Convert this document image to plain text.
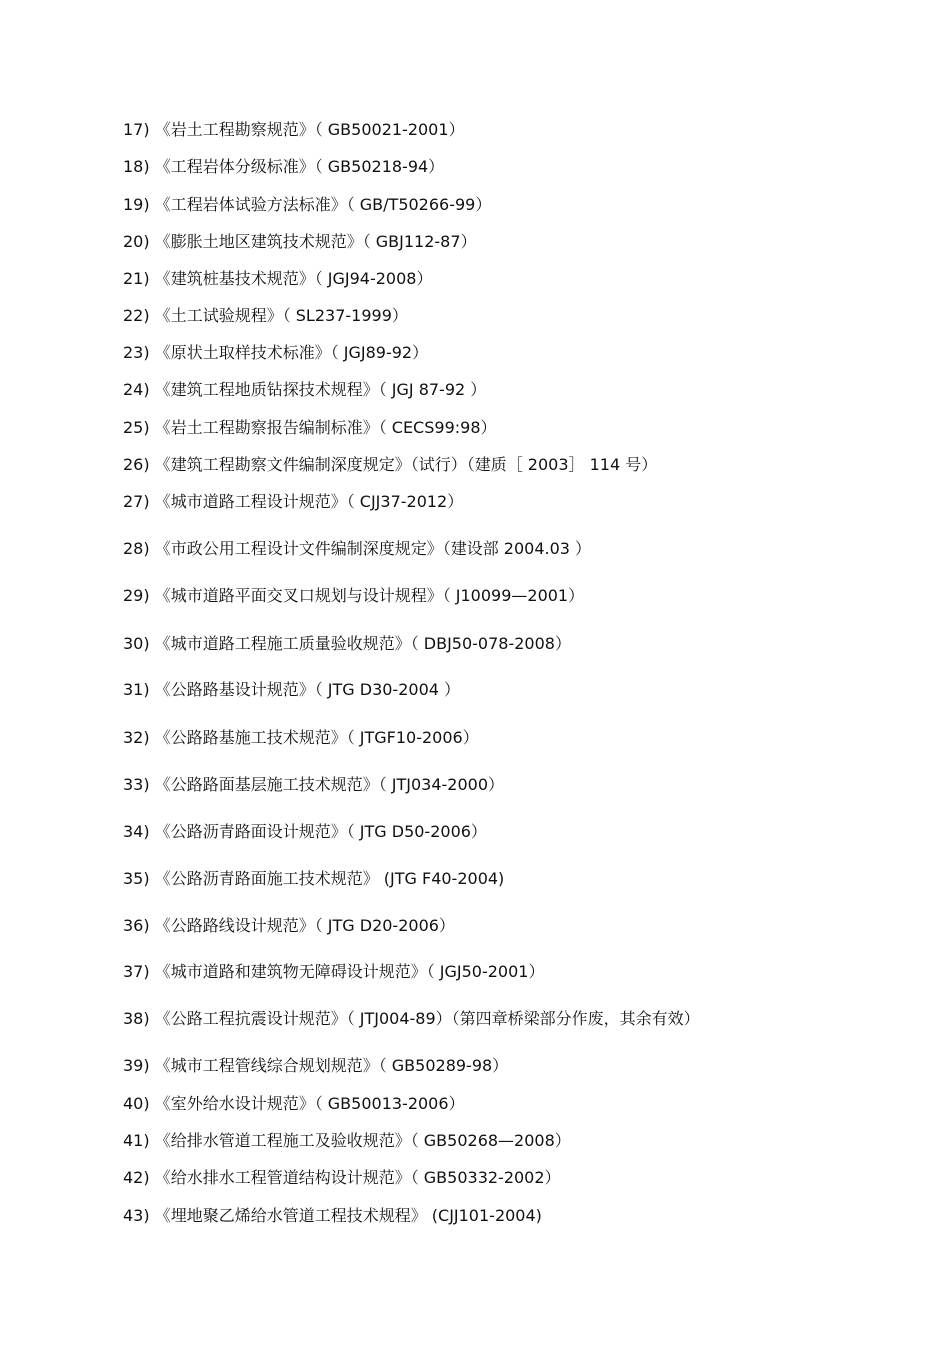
17) 《岩土工程勘察规范》（ GB50021-2001）
18) 《工程岩体分级标准》（ GB50218-94）
19) 《工程岩体试验方法标准》（ GB/T50266-99）
20) 《膨胀土地区建筑技术规范》（ GBJ112-87）
21) 《建筑桩基技术规范》（ JGJ94-2008）
22) 《土工试验规程》（ SL237-1999）
23) 《原状土取样技术标准》（ JGJ89-92）
24) 《建筑工程地质钻探技术规程》（ JGJ 87-92 ）
25) 《岩土工程勘察报告编制标准》（ CECS99:98）
26) 《建筑工程勘察文件编制深度规定》（试行）（建质［ 2003］ 114 号）
27) 《城市道路工程设计规范》（ CJJ37-2012）
28) 《市政公用工程设计文件编制深度规定》（建设部 2004.03 ）
29) 《城市道路平面交叉口规划与设计规程》（ J10099—2001）
30) 《城市道路工程施工质量验收规范》（ DBJ50-078-2008）
31) 《公路路基设计规范》（ JTG D30-2004 ）
32) 《公路路基施工技术规范》（ JTGF10-2006）
33) 《公路路面基层施工技术规范》（ JTJ034-2000）
34) 《公路沥青路面设计规范》（ JTG D50-2006）
35) 《公路沥青路面施工技术规范》 (JTG F40-2004)
36) 《公路路线设计规范》（ JTG D20-2006）
37) 《城市道路和建筑物无障碍设计规范》（ JGJ50-2001）
38) 《公路工程抗震设计规范》（ JTJ004-89）（第四章桥梁部分作废，其余有效）
39) 《城市工程管线综合规划规范》（ GB50289-98）
40) 《室外给水设计规范》（ GB50013-2006）
41) 《给排水管道工程施工及验收规范》（ GB50268—2008）
42) 《给水排水工程管道结构设计规范》（ GB50332-2002）
43) 《埋地聚乙烯给水管道工程技术规程》 (CJJ101-2004)
